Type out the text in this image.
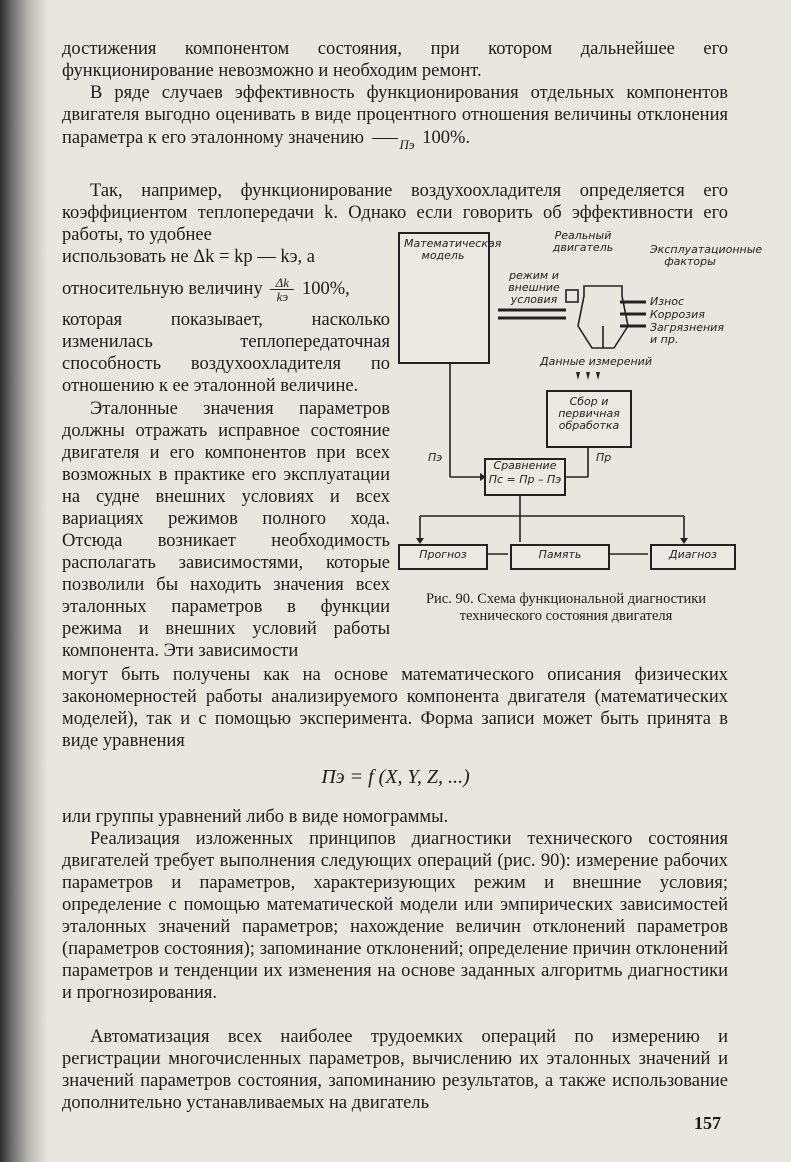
достижения компонентом состояния, при котором дальнейшее его функционирование невозможно и необходим ремонт.
В ряде случаев эффективность функционирования отдельных компонентов двигателя выгодно оценивать в виде процентного отношения величины отклонения параметра к его эталонному значению
	Пэ 100%.
Так, например, функционирование воздухоохладителя определяется его коэффициентом теплопередачи k. Однако если говорить об эффективности его работы, то удобнее
использовать не Δk = kр — kэ, а
относительную величину Δk
kэ 100%,
которая показывает, насколько изменилась теплопередаточная способность воздухоохладителя по отношению к ее эталонной величине.
Эталонные значения параметров должны отражать исправное состояние двигателя и его компонентов при всех возможных в практике его эксплуатации на судне внешних условиях и всех вариациях режимов полного хода. Отсюда возникает необходимость располагать зависимостями, которые позволили бы находить значения всех эталонных параметров в функции режима и внешних условий работы компонента. Эти зависимости
могут быть получены как на основе математического описания физических закономерностей работы анализируемого компонента двигателя (математических моделей), так и с помощью эксперимента. Форма записи может быть принята в виде уравнения
Пэ = f (X, Y, Z, ...)
или группы уравнений либо в виде номограммы.
Реализация изложенных принципов диагностики технического состояния двигателей требует выполнения следующих операций (рис. 90): измерение рабочих параметров и параметров, характеризующих режим и внешние условия; определение с помощью математической модели или эмпирических зависимостей эталонных значений параметров; нахождение величин отклонений параметров (параметров состояния); запоминание отклонений; определение причин отклонений параметров и тенденции их изменения на основе заданных алгоритмь диагностики и прогнозирования.
Автоматизация всех наиболее трудоемких операций по измерению и регистрации многочисленных параметров, вычислению их эталонных значений и значений параметров состояния, запоминанию результатов, а также использование дополнительно устанавливаемых на двигатель
157
Математическая модель
Реальный двигатель	Эксплуатационные факторы
режим и внешние условия	Износ
Коррозия
Загрязнения и пр.
Данные измерений
Сбор и первичная обработка
Пэ	Пр
Сравнение
Пс = Пр – Пэ
Прогноз	Память	Диагноз
Рис. 90. Схема функциональной диагностики технического состояния двигателя
